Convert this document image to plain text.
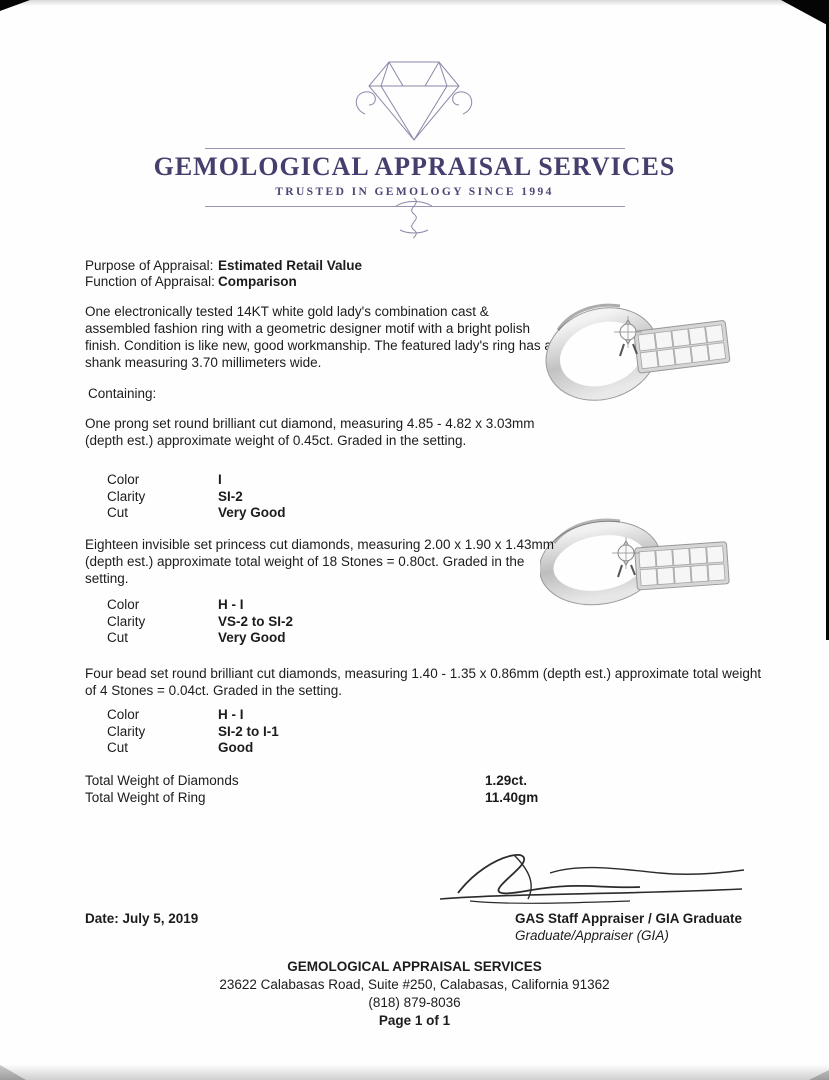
GEMOLOGICAL APPRAISAL SERVICES
TRUSTED IN GEMOLOGY SINCE 1994
Purpose of Appraisal: Estimated Retail Value
Function of Appraisal: Comparison
One electronically tested 14KT white gold lady's combination cast & assembled fashion ring with a geometric designer motif with a bright polish finish. Condition is like new, good workmanship. The featured lady's ring has a shank measuring 3.70 millimeters wide.
Containing:
One prong set round brilliant cut diamond, measuring 4.85 - 4.82 x 3.03mm (depth est.) approximate weight of 0.45ct. Graded in the setting.
Color	I
Clarity	SI-2
Cut	Very Good
Eighteen invisible set princess cut diamonds, measuring 2.00 x 1.90 x 1.43mm (depth est.) approximate total weight of 18 Stones = 0.80ct. Graded in the setting.
Color	H - I
Clarity	VS-2 to SI-2
Cut	Very Good
Four bead set round brilliant cut diamonds, measuring 1.40 - 1.35 x 0.86mm (depth est.) approximate total weight of 4 Stones = 0.04ct. Graded in the setting.
Color	H - I
Clarity	SI-2 to I-1
Cut	Good
Total Weight of Diamonds	1.29ct.
Total Weight of Ring	11.40gm
GAS Staff Appraiser / GIA Graduate
Graduate/Appraiser (GIA)
Date: July 5, 2019
GEMOLOGICAL APPRAISAL SERVICES
23622 Calabasas Road, Suite #250, Calabasas, California 91362
(818) 879-8036
Page 1 of 1
